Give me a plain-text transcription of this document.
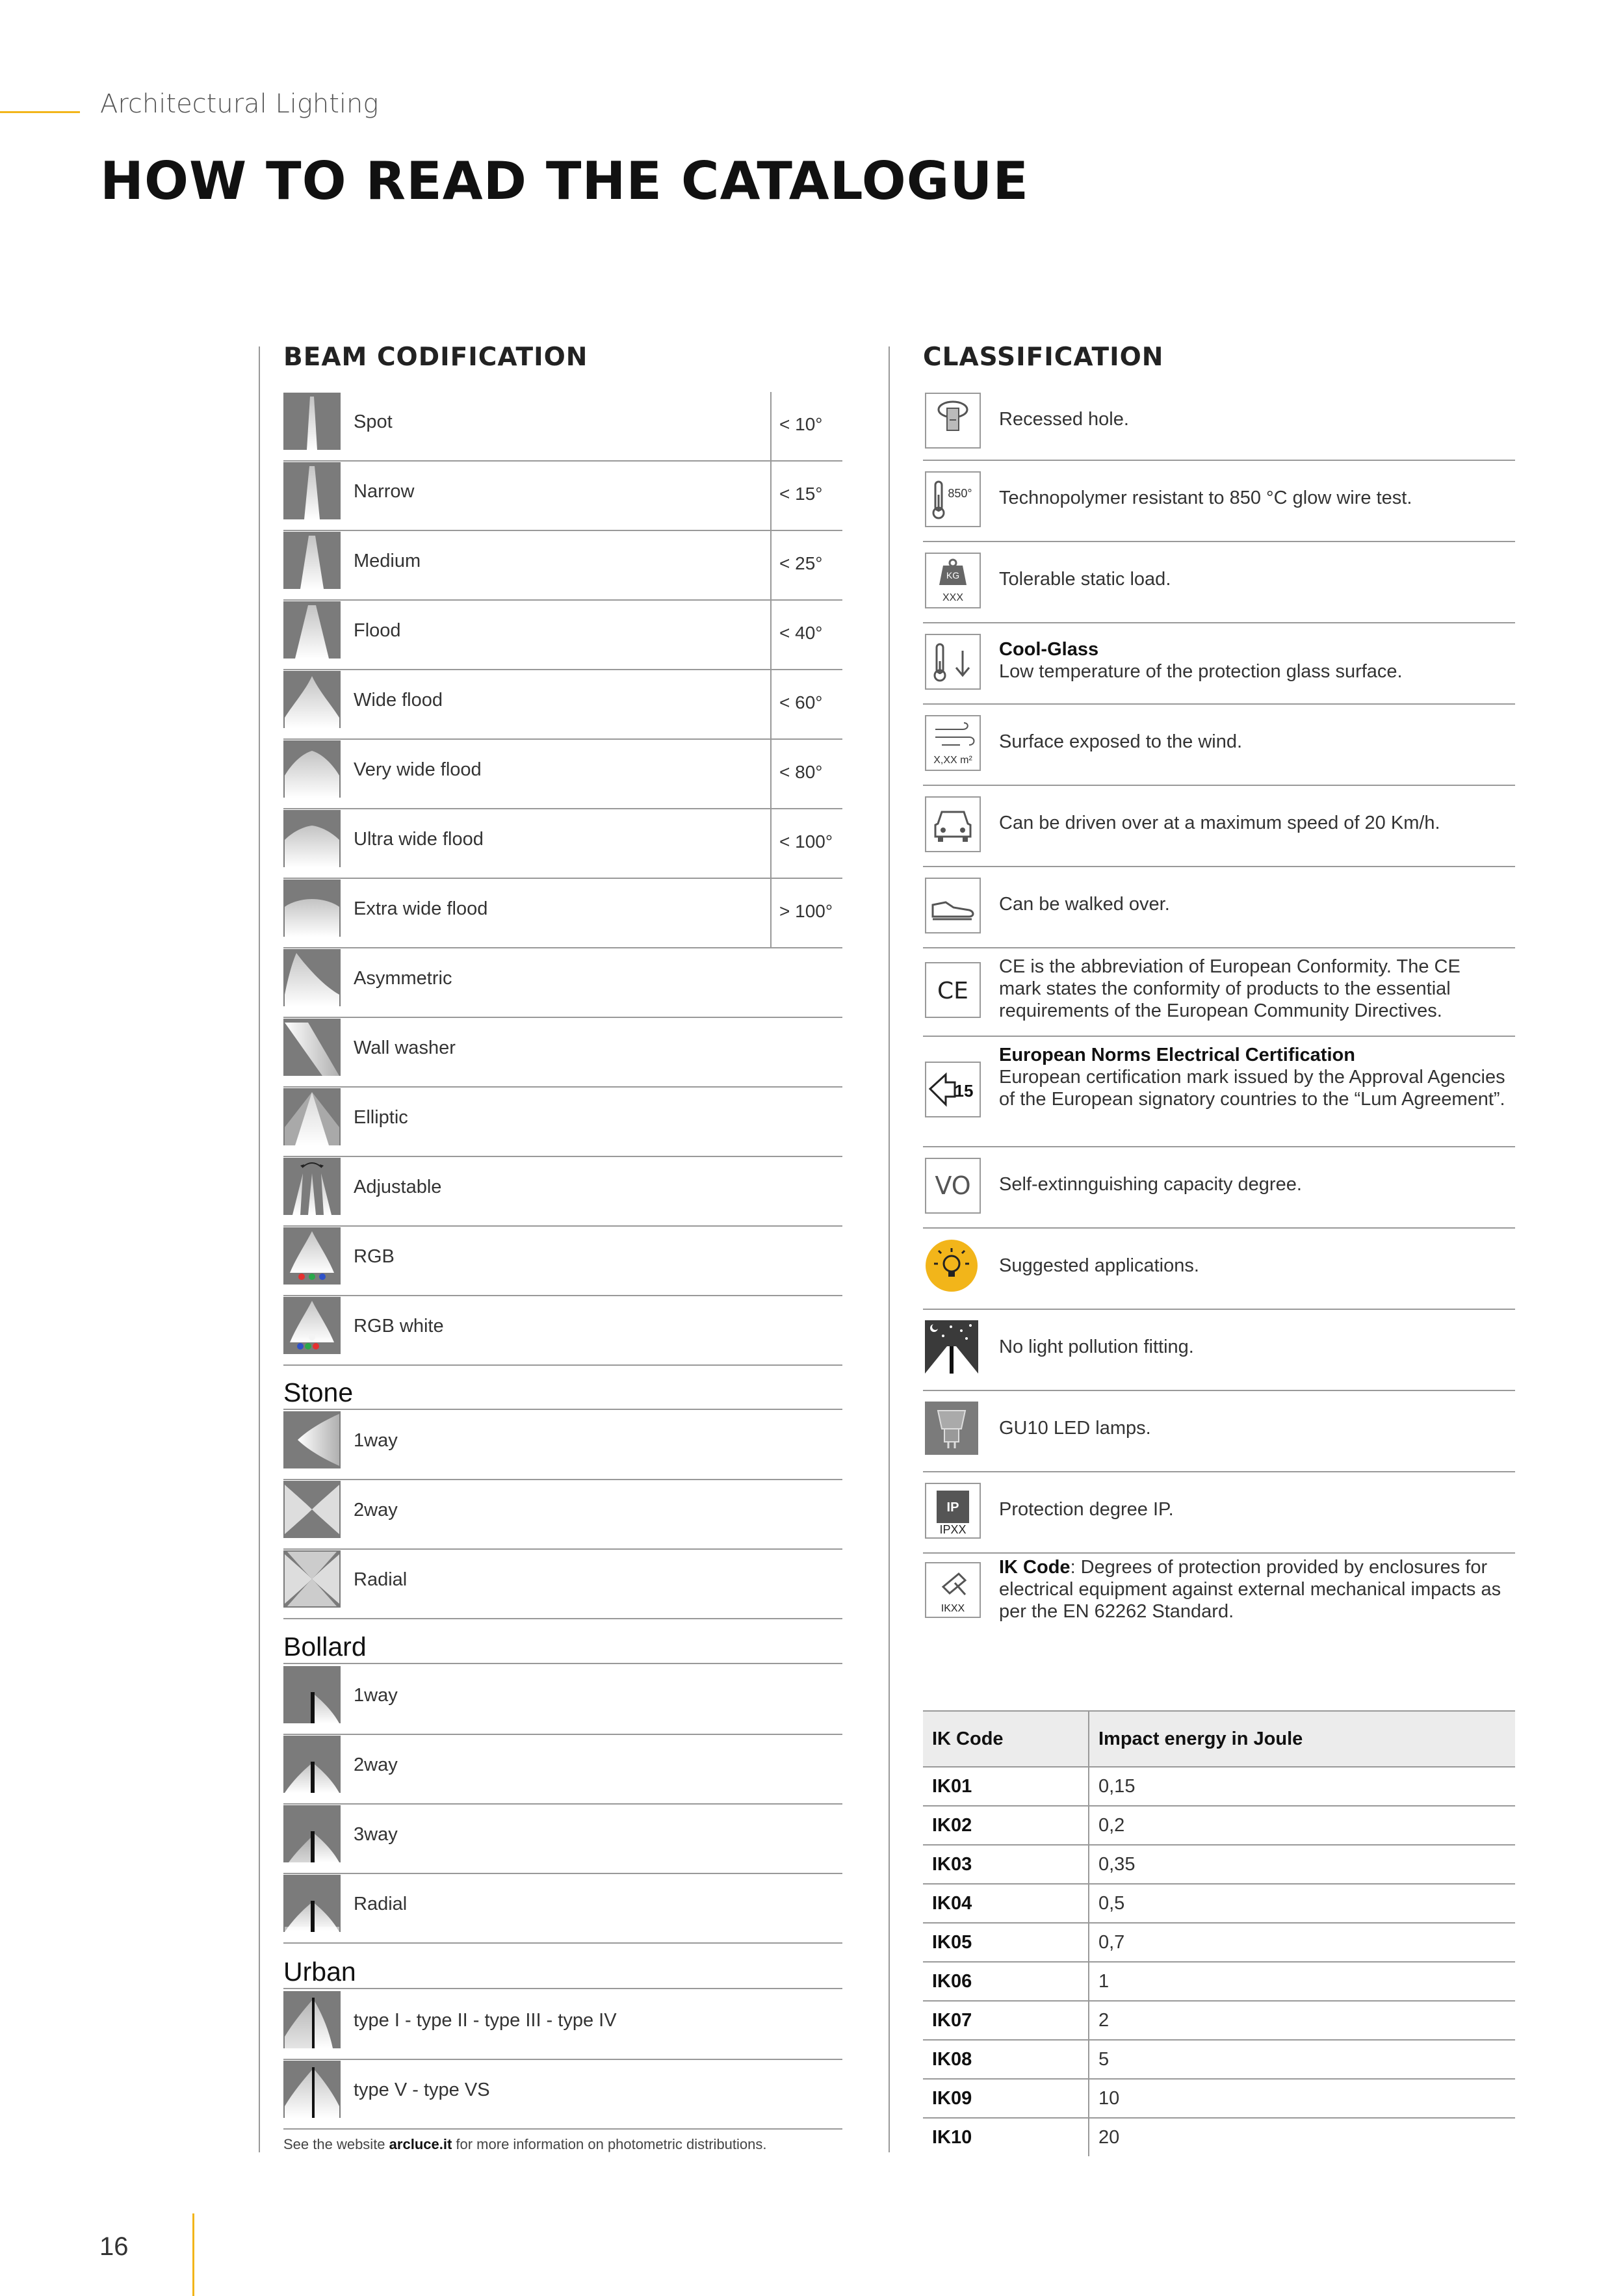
Architectural Lighting
HOW TO READ THE CATALOGUE
BEAM CODIFICATION
Spot	< 10°
Narrow	< 15°
Medium	< 25°
Flood	< 40°
Wide flood	< 60°
Very wide flood	< 80°
Ultra wide flood	< 100°
Extra wide flood	> 100°
Asymmetric
Wall washer
Elliptic
Adjustable
RGB
RGB white
Stone
1way
2way
Radial
Bollard
1way
2way
3way
Radial
Urban
type I - type II - type III - type IV
type V - type VS
See the website arcluce.it for more information on photometric distributions.
CLASSIFICATION
Recessed hole.
850° Technopolymer resistant to 850 °C glow wire test.
KG
XXX
Tolerable static load.
Cool-Glass
Low temperature of the protection glass surface.
X,XX m²
Surface exposed to the wind.
Can be driven over at a maximum speed of 20 Km/h.
Can be walked over.
CE
CE is the abbreviation of European Conformity. The CE mark states the conformity of products to the essential requirements of the European Community Directives.
15
European Norms Electrical Certification
European certification mark issued by the Approval Agencies of the European signatory countries to the “Lum Agreement”.
VO Self-extinnguishing capacity degree.
Suggested applications.
No light pollution fitting.
GU10 LED lamps.
IP
IPXX
Protection degree IP.
IKXX
IK Code: Degrees of protection provided by enclosures for electrical equipment against external mechanical impacts as per the EN 62262 Standard.
IK Code	Impact energy in Joule
IK01	0,15
IK02	0,2
IK03	0,35
IK04	0,5
IK05	0,7
IK06	1
IK07	2
IK08	5
IK09	10
IK10	20
16
